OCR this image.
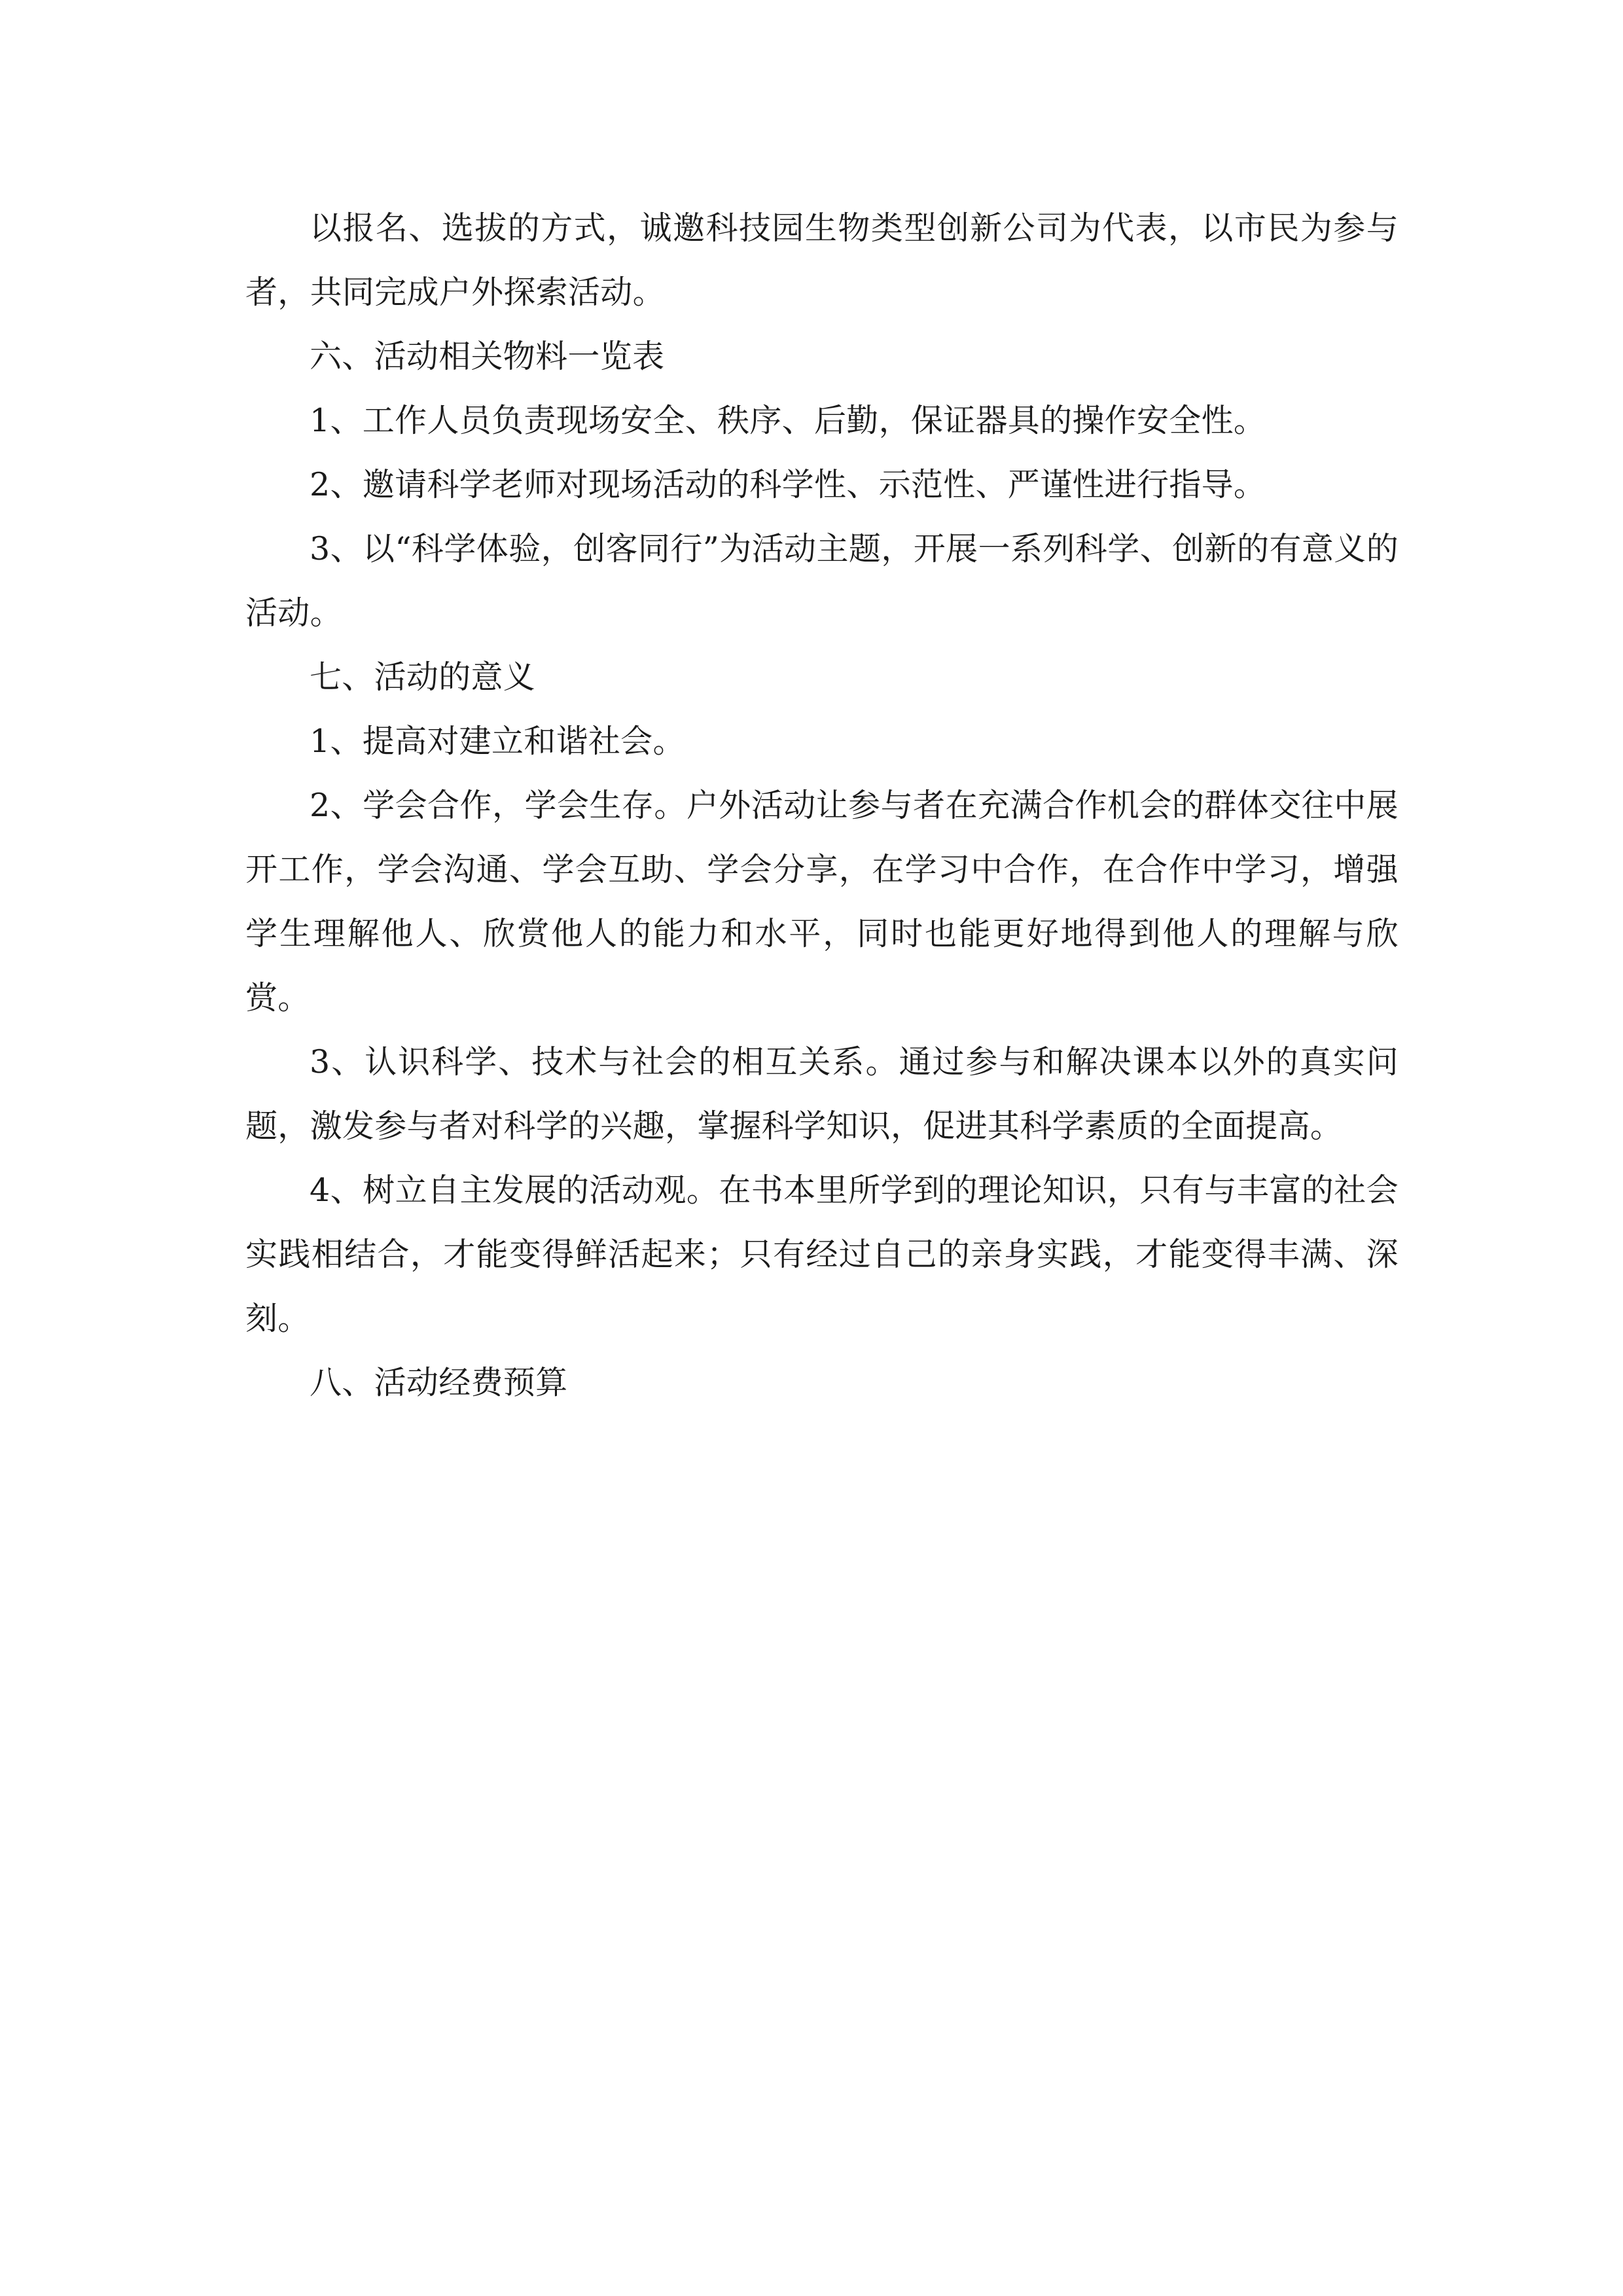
以报名、选拔的方式，诚邀科技园生物类型创新公司为代表，以市民为参与者，共同完成户外探索活动。

六、活动相关物料一览表

1、工作人员负责现场安全、秩序、后勤，保证器具的操作安全性。

2、邀请科学老师对现场活动的科学性、示范性、严谨性进行指导。

3、以“科学体验，创客同行”为活动主题，开展一系列科学、创新的有意义的活动。

七、活动的意义

1、提高对建立和谐社会。

2、学会合作，学会生存。户外活动让参与者在充满合作机会的群体交往中展开工作，学会沟通、学会互助、学会分享，在学习中合作，在合作中学习，增强学生理解他人、欣赏他人的能力和水平，同时也能更好地得到他人的理解与欣赏。

3、认识科学、技术与社会的相互关系。通过参与和解决课本以外的真实问题，激发参与者对科学的兴趣，掌握科学知识，促进其科学素质的全面提高。

4、树立自主发展的活动观。在书本里所学到的理论知识，只有与丰富的社会实践相结合，才能变得鲜活起来；只有经过自己的亲身实践，才能变得丰满、深刻。

八、活动经费预算
